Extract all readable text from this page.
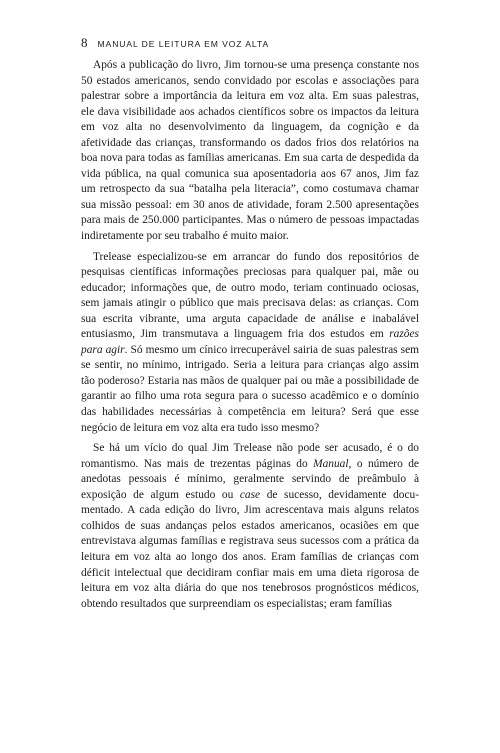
8 MANUAL DE LEITURA EM VOZ ALTA

Após a publicação do livro, Jim tornou-se uma presença constante nos 50 estados americanos, sendo convidado por escolas e associações para palestrar sobre a importância da leitura em voz alta. Em suas palestras, ele dava visibilidade aos achados científicos sobre os impactos da leitura em voz alta no desenvolvimento da linguagem, da cognição e da afetividade das crianças, transformando os dados frios dos relatórios na boa nova para todas as famílias americanas. Em sua carta de despedida da vida pública, na qual comunica sua aposentadoria aos 67 anos, Jim faz um retrospecto da sua “batalha pela literacia”, como costumava chamar sua missão pessoal: em 30 anos de atividade, foram 2.500 apresentações para mais de 250.000 participantes. Mas o número de pessoas impactadas indiretamente por seu trabalho é muito maior.

Trelease especializou-se em arrancar do fundo dos repositórios de pesquisas científicas informações preciosas para qualquer pai, mãe ou educador; informações que, de outro modo, teriam continuado ociosas, sem jamais atingir o público que mais precisava delas: as crianças. Com sua escrita vibrante, uma arguta capacidade de análise e inabalável entusiasmo, Jim transmutava a linguagem fria dos estudos em razões para agir. Só mesmo um cínico irrecuperável sairia de suas palestras sem se sentir, no mínimo, intrigado. Seria a leitura para crianças algo assim tão poderoso? Estaria nas mãos de qualquer pai ou mãe a possibilidade de garantir ao filho uma rota segura para o sucesso acadêmico e o domínio das habilidades necessárias à competência em leitura? Será que esse negócio de leitura em voz alta era tudo isso mesmo?

Se há um vício do qual Jim Trelease não pode ser acusado, é o do romantismo. Nas mais de trezentas páginas do Manual, o número de anedotas pessoais é mínimo, geralmente servindo de preâmbulo à exposição de algum estudo ou case de sucesso, devidamente documentado. A cada edição do livro, Jim acrescentava mais alguns relatos colhidos de suas andanças pelos estados americanos, ocasiões em que entrevistava algumas famílias e registrava seus sucessos com a prática da leitura em voz alta ao longo dos anos. Eram famílias de crianças com déficit intelectual que decidiram confiar mais em uma dieta rigorosa de leitura em voz alta diária do que nos tenebrosos prognósticos médicos, obtendo resultados que surpreendiam os especialistas; eram famílias
